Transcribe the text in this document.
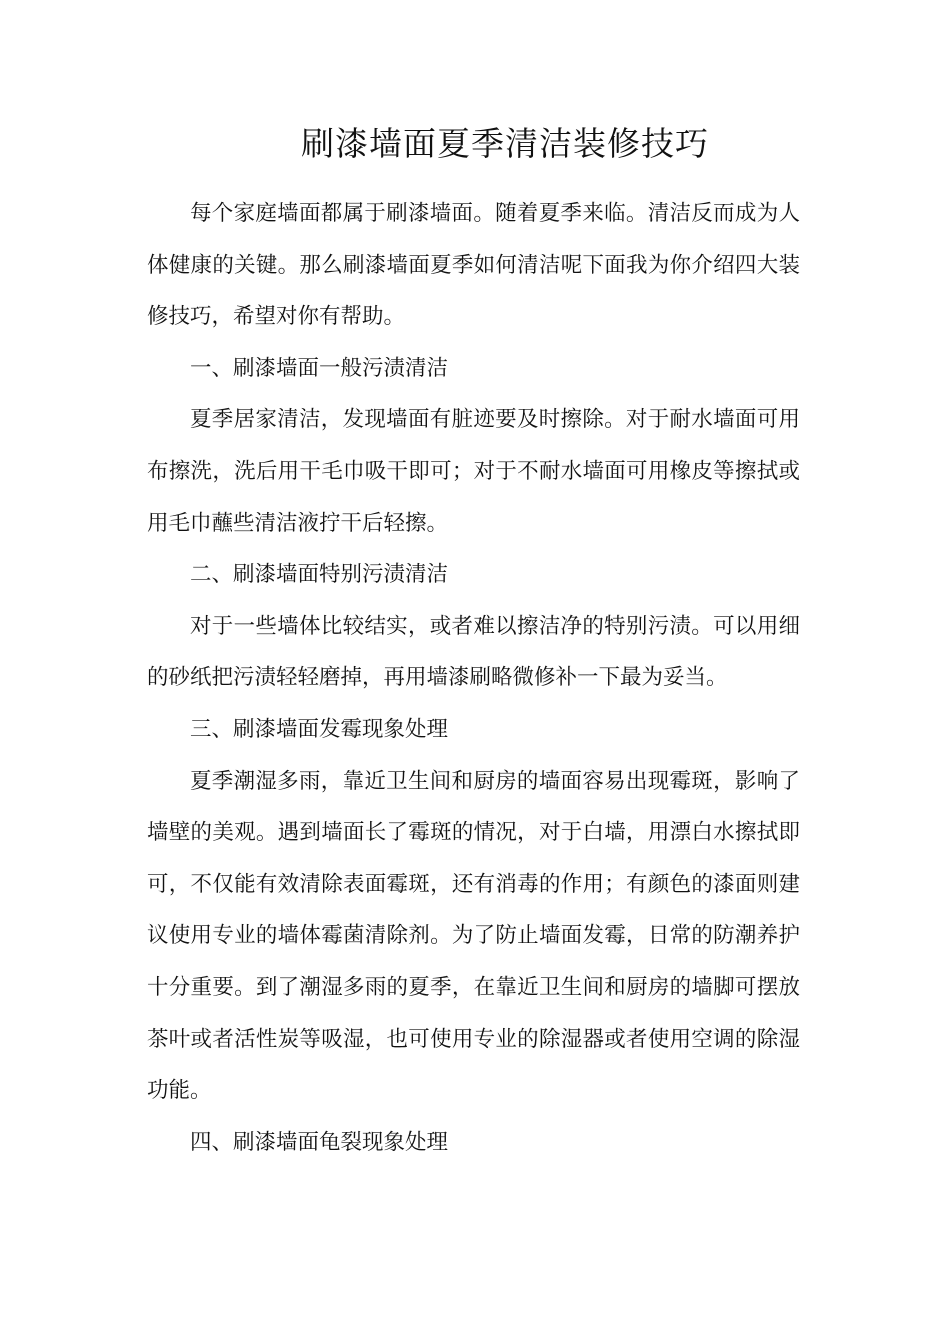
刷漆墙面夏季清洁装修技巧

每个家庭墙面都属于刷漆墙面。随着夏季来临。清洁反而成为人体健康的关键。那么刷漆墙面夏季如何清洁呢下面我为你介绍四大装修技巧，希望对你有帮助。

一、刷漆墙面一般污渍清洁

夏季居家清洁，发现墙面有脏迹要及时擦除。对于耐水墙面可用布擦洗，洗后用干毛巾吸干即可；对于不耐水墙面可用橡皮等擦拭或用毛巾蘸些清洁液拧干后轻擦。

二、刷漆墙面特别污渍清洁

对于一些墙体比较结实，或者难以擦洁净的特别污渍。可以用细的砂纸把污渍轻轻磨掉，再用墙漆刷略微修补一下最为妥当。

三、刷漆墙面发霉现象处理

夏季潮湿多雨，靠近卫生间和厨房的墙面容易出现霉斑，影响了墙壁的美观。遇到墙面长了霉斑的情况，对于白墙，用漂白水擦拭即可，不仅能有效清除表面霉斑，还有消毒的作用；有颜色的漆面则建议使用专业的墙体霉菌清除剂。为了防止墙面发霉，日常的防潮养护十分重要。到了潮湿多雨的夏季，在靠近卫生间和厨房的墙脚可摆放茶叶或者活性炭等吸湿，也可使用专业的除湿器或者使用空调的除湿功能。

四、刷漆墙面龟裂现象处理
